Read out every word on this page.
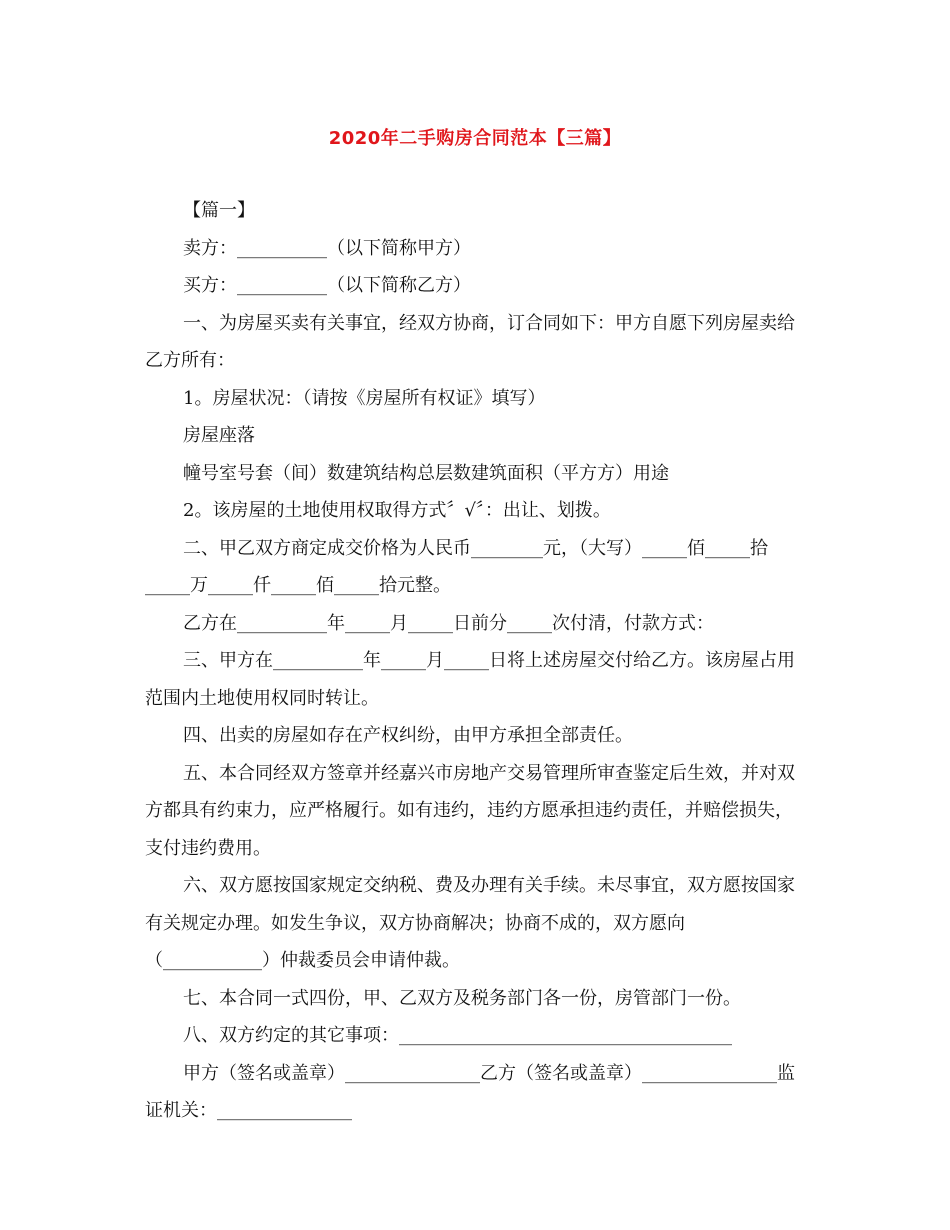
2020年二手购房合同范本【三篇】

【篇一】

卖方：__________（以下简称甲方）

买方：__________（以下简称乙方）

一、为房屋买卖有关事宜，经双方协商，订合同如下：甲方自愿下列房屋卖给乙方所有：

1。房屋状况：（请按《房屋所有权证》填写）

房屋座落

幢号室号套（间）数建筑结构总层数建筑面积（平方方）用途

2。该房屋的土地使用权取得方式〞√〞：出让、划拨。

二、甲乙双方商定成交价格为人民币________元，（大写）_____佰_____拾_____万_____仟_____佰_____拾元整。

乙方在__________年_____月_____日前分_____次付清，付款方式：

三、甲方在__________年_____月_____日将上述房屋交付给乙方。该房屋占用范围内土地使用权同时转让。

四、出卖的房屋如存在产权纠纷，由甲方承担全部责任。

五、本合同经双方签章并经嘉兴市房地产交易管理所审查鉴定后生效，并对双方都具有约束力，应严格履行。如有违约，违约方愿承担违约责任，并赔偿损失，支付违约费用。

六、双方愿按国家规定交纳税、费及办理有关手续。未尽事宜，双方愿按国家有关规定办理。如发生争议，双方协商解决；协商不成的，双方愿向（___________）仲裁委员会申请仲裁。

七、本合同一式四份，甲、乙双方及税务部门各一份，房管部门一份。

八、双方约定的其它事项：_____________________________________

甲方（签名或盖章）_______________乙方（签名或盖章）_______________监证机关：_______________
